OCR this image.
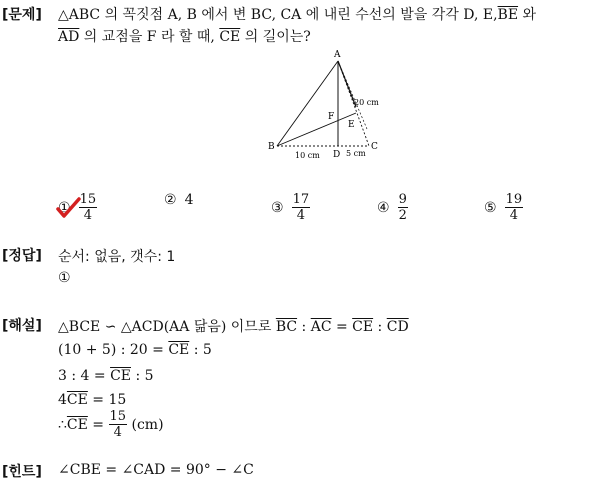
[문제] △ABC 의 꼭짓점 A, B 에서 변 BC, CA 에 내린 수선의 발을 각각 D, $E,\overline{BE}$ 와
$\overline{AD}$ 의 교점을 F 라 할 때, $\overline{CE}$ 의 길이는?
A
B	C
D
E
F
20 cm
10 cm	5 cm
① $\frac{15}{4}$	② 4	③ $\frac{17}{4}$	④ $\frac{9}{2}$	⑤ $\frac{19}{4}$
[정답] 순서: 없음, 갯수: 1
①
[해설] △BCE ∽ △ACD(AA 닮음) 이므로 $\overline{BC}$ : $\overline{AC} = \overline{CE}$ : $\overline{CD}$
(10 + 5) : $20 = \overline{CE}$ : 5
3 : $4 = \overline{CE}$ : 5
$4\overline{CE} = 15$
∴ $\overline{CE} = \frac{15}{4} (cm)$
[힌트] ∠CBE = ∠CAD = 90° − ∠C
